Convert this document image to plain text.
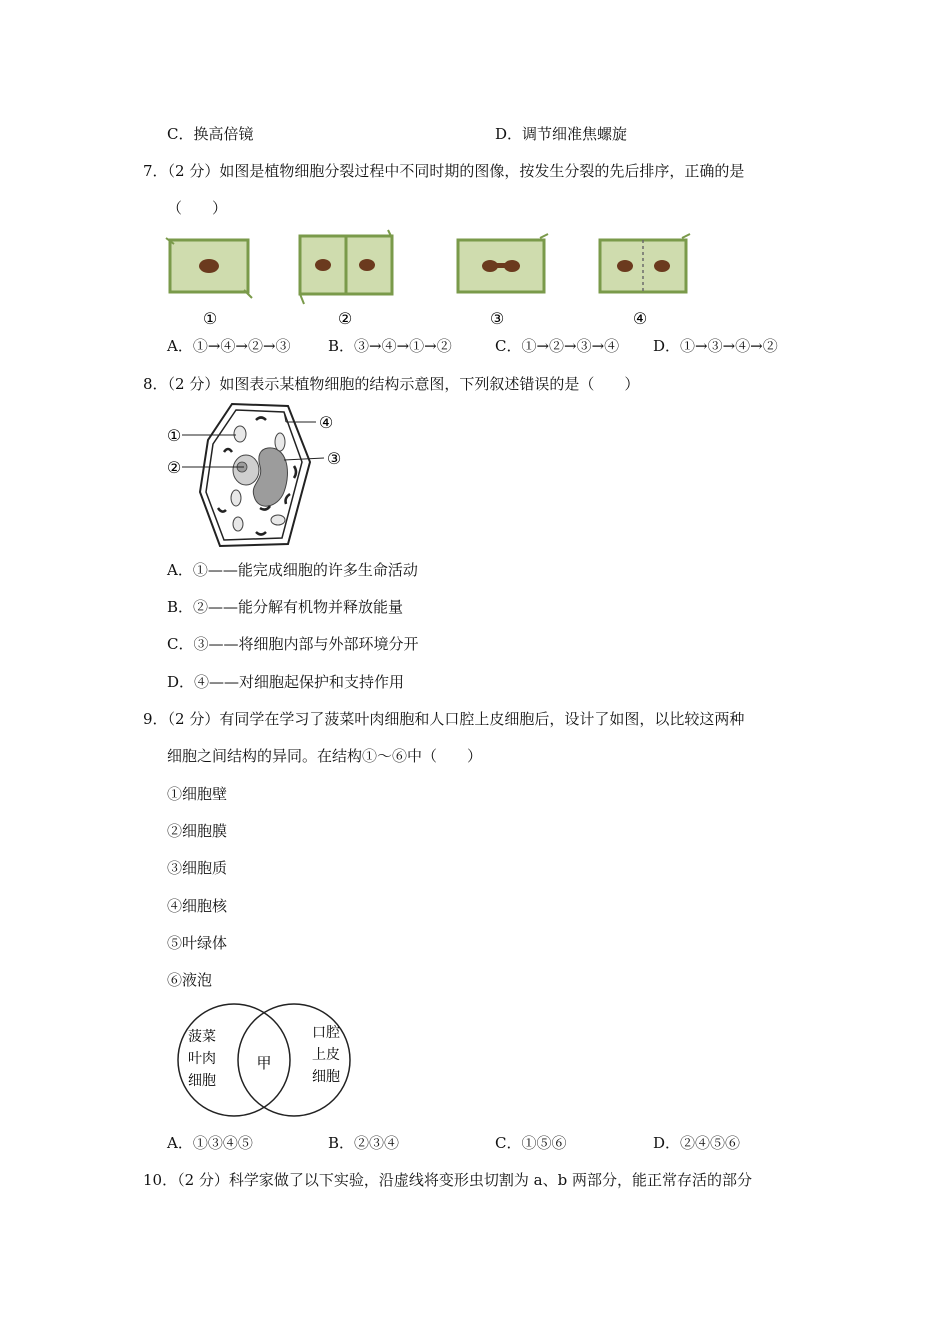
C．换高倍镜	D．调节细准焦螺旋
7．（2 分）如图是植物细胞分裂过程中不同时期的图像，按发生分裂的先后排序，正确的是
（　　）
①	②	③	④
A．①→④→②→③ B．③→④→①→②	C．①→②→③→④ D．①→③→④→②
8．（2 分）如图表示某植物细胞的结构示意图，下列叙述错误的是（　　）
①
②	③
④
A．①——能完成细胞的许多生命活动
B．②——能分解有机物并释放能量
C．③——将细胞内部与外部环境分开
D．④——对细胞起保护和支持作用
9．（2 分）有同学在学习了菠菜叶肉细胞和人口腔上皮细胞后，设计了如图，以比较这两种
细胞之间结构的异同。在结构①～⑥中（　　）
①细胞壁
②细胞膜
③细胞质
④细胞核
⑤叶绿体
⑥液泡
菠菜
叶肉
细胞
甲
口腔
上皮
细胞
A．①③④⑤	B．②③④	C．①⑤⑥	D．②④⑤⑥
10．（2 分）科学家做了以下实验，沿虚线将变形虫切割为 a、b 两部分，能正常存活的部分
